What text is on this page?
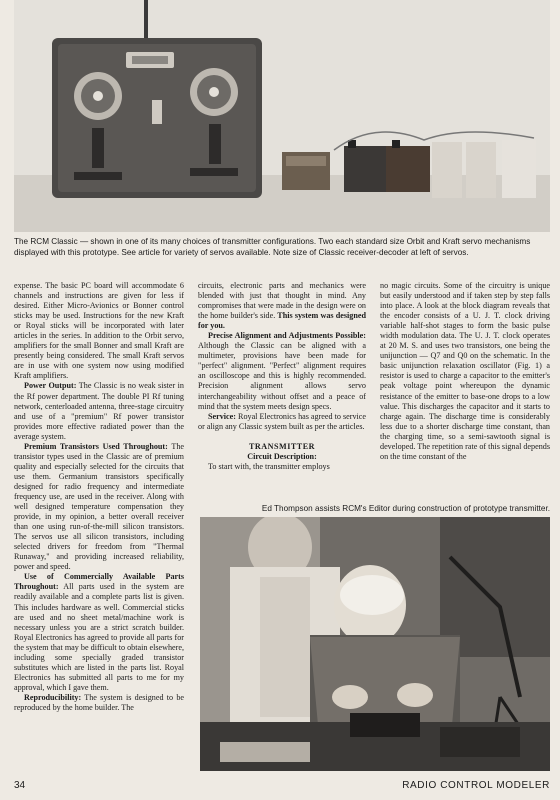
The RCM Classic — shown in one of its many choices of transmitter configurations. Two each standard size Orbit and Kraft servo mechanisms displayed with this prototype. See article for variety of servos available. Note size of Classic receiver-decoder at left of servos.

expense. The basic PC board will accommodate 6 channels and instructions are given for less if desired. Either Micro-Avionics or Bonner control sticks may be used. Instructions for the new Kraft or Royal sticks will be incorporated with later articles in the series. In addition to the Orbit servo, amplifiers for the small Bonner and small Kraft are presently being considered. The small Kraft servos are in use with one system now using modified Kraft amplifiers.

Power Output: The Classic is no weak sister in the Rf power department. The double PI Rf tuning network, centerloaded antenna, three-stage circuitry and use of a "premium" Rf power transistor provides more effective radiated power than the average system.

Premium Transistors Used Throughout: The transistor types used in the Classic are of premium quality and especially selected for the circuits that use them. Germanium transistors specifically designed for radio frequency and intermediate frequency use, are used in the receiver. Along with well designed temperature compensation they provide, in my opinion, a better overall receiver than one using run-of-the-mill silicon transistors. The servos use all silicon transistors, including selected drivers for freedom from "Thermal Runaway," and providing increased reliability, power and speed.

Use of Commercially Available Parts Throughout: All parts used in the system are readily available and a complete parts list is given. This includes hardware as well. Commercial sticks are used and no sheet metal/machine work is necessary unless you are a strict scratch builder. Royal Electronics has agreed to provide all parts for the system that may be difficult to obtain elsewhere, including some specially graded transistor substitutes which are listed in the parts list. Royal Electronics has submitted all parts to me for my approval, which I gave them.

Reproducibility: The system is designed to be reproduced by the home builder. The

circuits, electronic parts and mechanics were blended with just that thought in mind. Any compromises that were made in the design were on the home builder's side. This system was designed for you.

Precise Alignment and Adjustments Possible: Although the Classic can be aligned with a multimeter, provisions have been made for "perfect" alignment. "Perfect" alignment requires an oscilloscope and this is highly recommended. Precision alignment allows servo interchangeability without offset and a peace of mind that the system meets design specs.

Service: Royal Electronics has agreed to service or align any Classic system built as per the articles.

TRANSMITTER

Circuit Description:

To start with, the transmitter employs

no magic circuits. Some of the circuitry is unique but easily understood and if taken step by step falls into place. A look at the block diagram reveals that the encoder consists of a U. J. T. clock driving variable half-shot stages to form the basic pulse width modulation data. The U. J. T. clock operates at 20 M. S. and uses two transistors, one being the unijunction — Q7 and Q0 on the schematic. In the basic unijunction relaxation oscillator (Fig. 1) a resistor is used to charge a capacitor to the emitter's peak voltage point whereupon the dynamic resistance of the emitter to base-one drops to a low value. This discharges the capacitor and it starts to charge again. The discharge time is considerably less due to a shorter discharge time constant, than the charging time, so a semi-sawtooth signal is developed. The repetition rate of this signal depends on the time constant of the

Ed Thompson assists RCM's Editor during construction of prototype transmitter.
34	RADIO CONTROL MODELER
